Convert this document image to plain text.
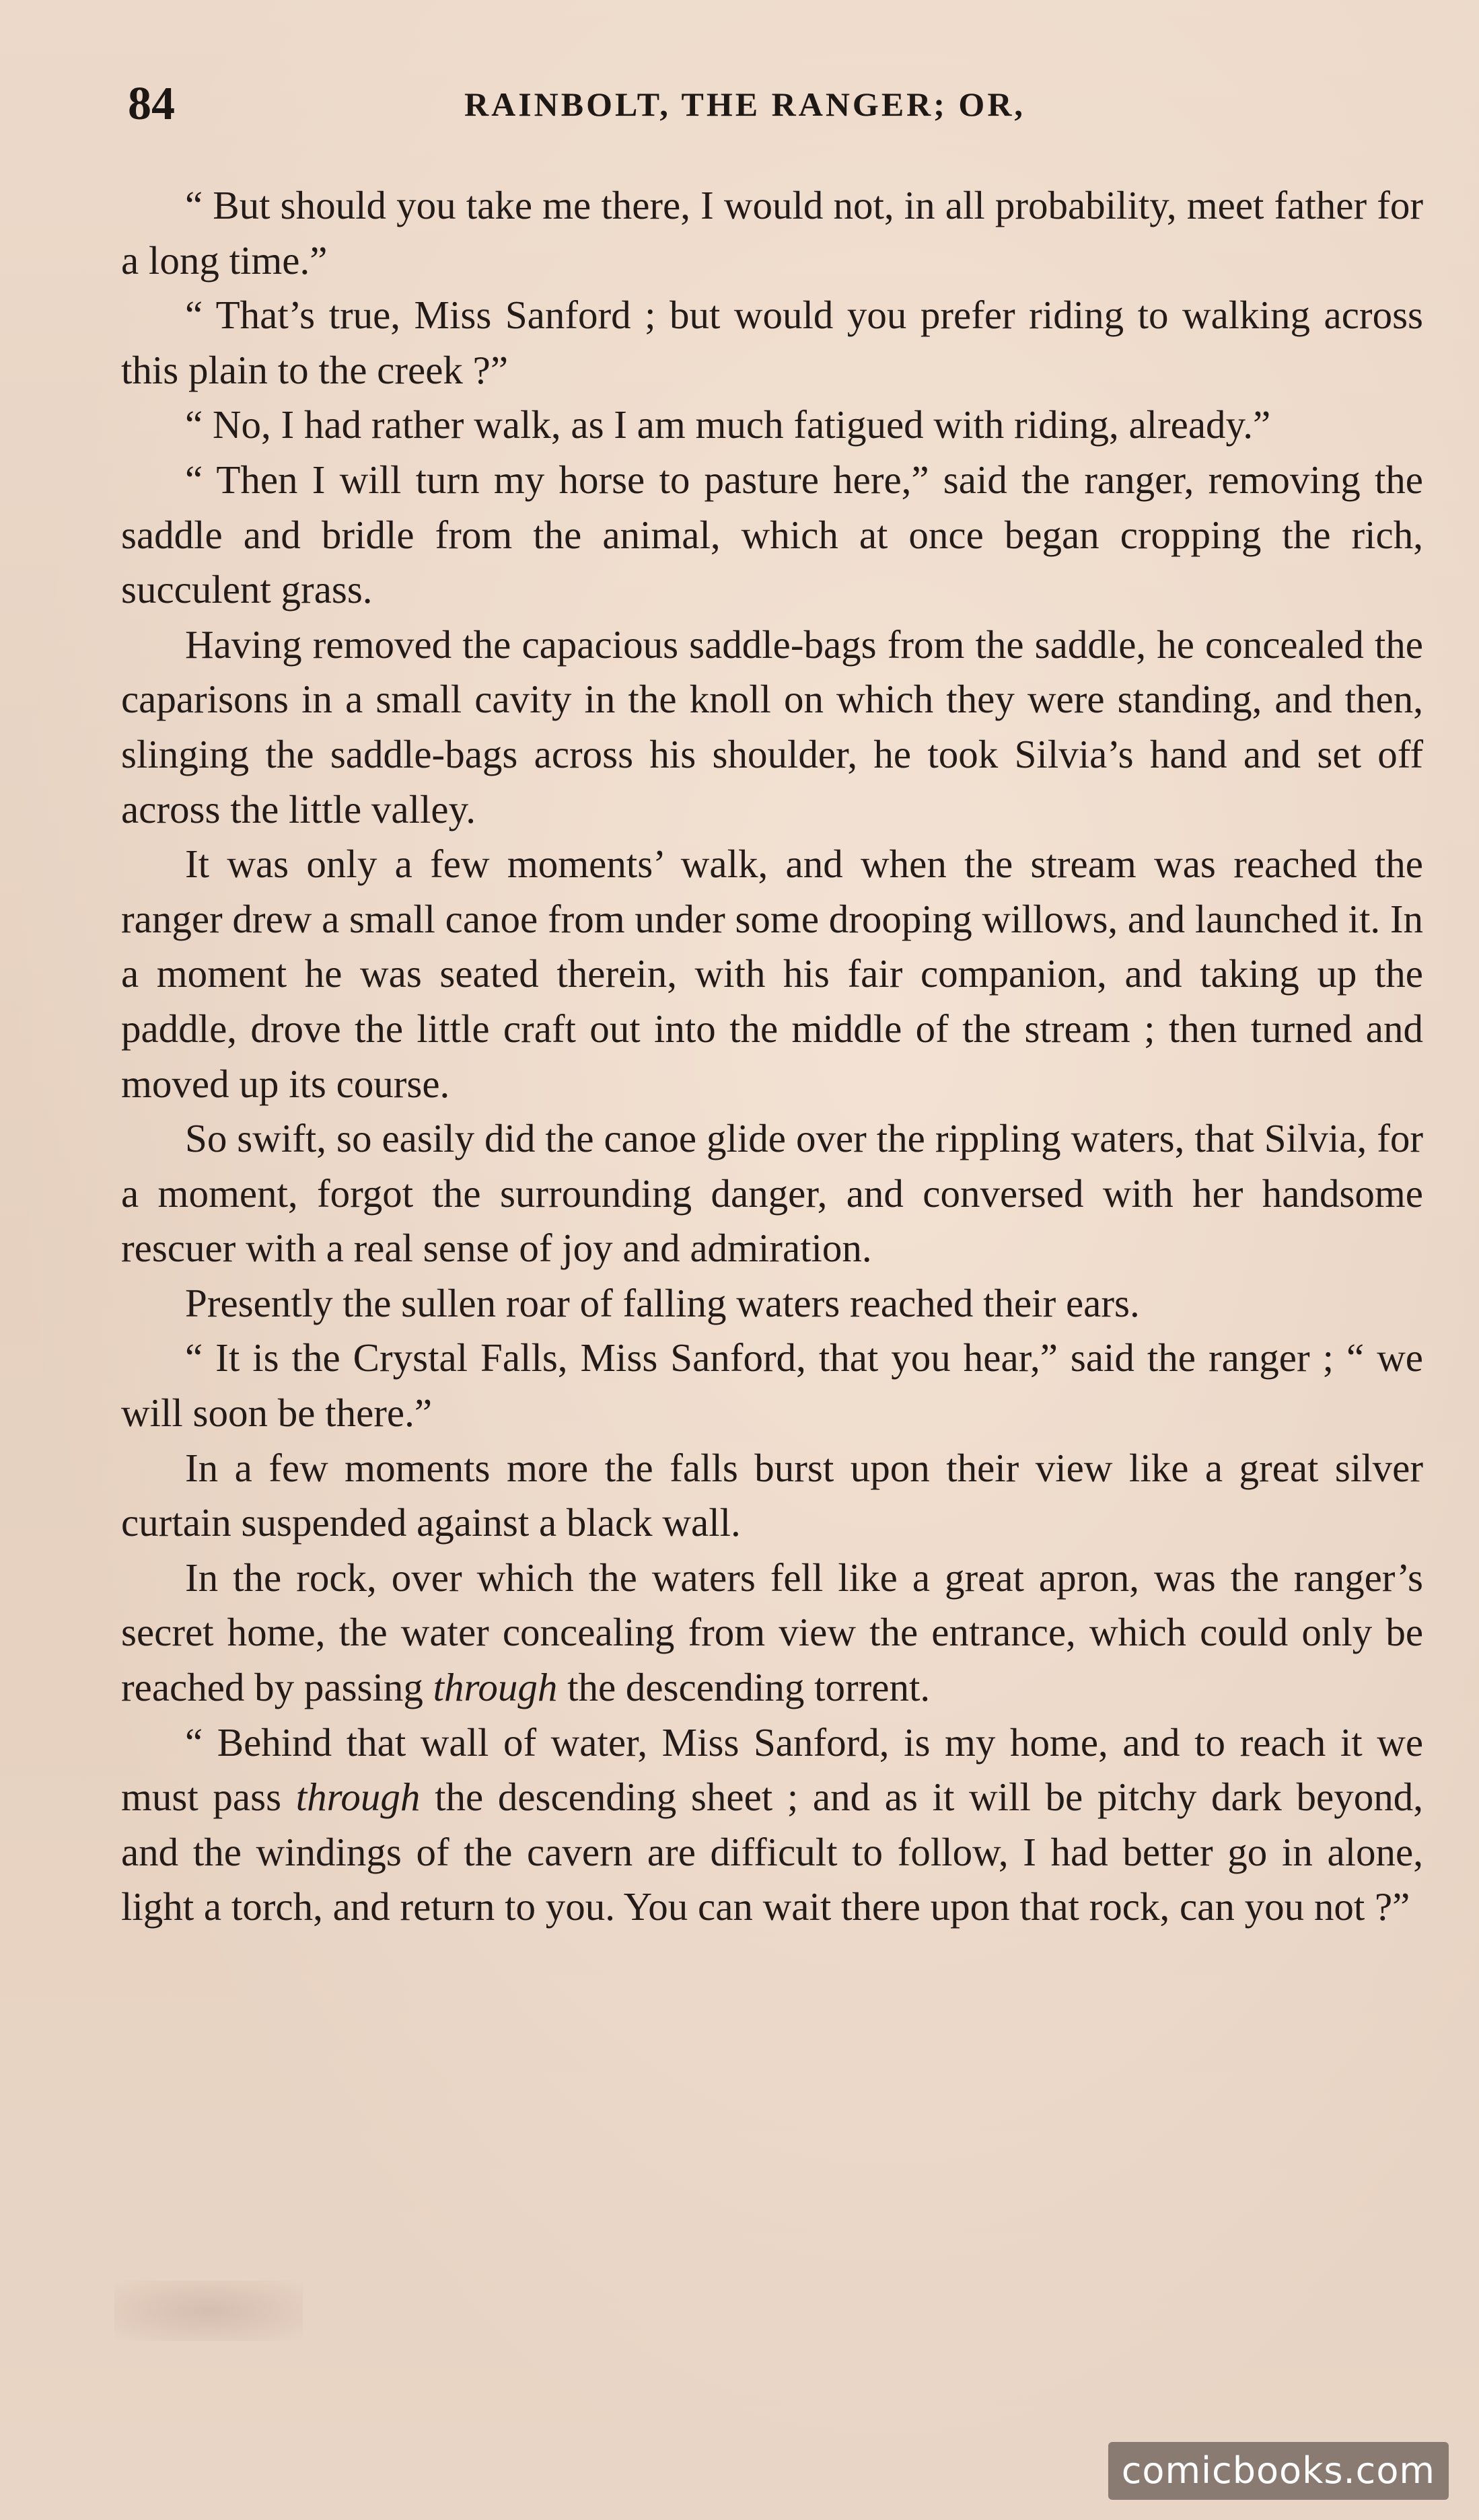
84	RAINBOLT, THE RANGER; OR,

“ But should you take me there, I would not, in all probability, meet father for a long time.”

“ That’s true, Miss Sanford ; but would you prefer riding to walking across this plain to the creek ?”

“ No, I had rather walk, as I am much fatigued with riding, already.”

“ Then I will turn my horse to pasture here,” said the ranger, removing the saddle and bridle from the animal, which at once began cropping the rich, succulent grass.

Having removed the capacious saddle-bags from the saddle, he concealed the caparisons in a small cavity in the knoll on which they were standing, and then, slinging the saddle-bags across his shoulder, he took Silvia’s hand and set off across the little valley.

It was only a few moments’ walk, and when the stream was reached the ranger drew a small canoe from under some drooping willows, and launched it. In a moment he was seated therein, with his fair companion, and taking up the paddle, drove the little craft out into the middle of the stream ; then turned and moved up its course.

So swift, so easily did the canoe glide over the rippling waters, that Silvia, for a moment, forgot the surrounding danger, and conversed with her handsome rescuer with a real sense of joy and admiration.

Presently the sullen roar of falling waters reached their ears.

“ It is the Crystal Falls, Miss Sanford, that you hear,” said the ranger ; “ we will soon be there.”

In a few moments more the falls burst upon their view like a great silver curtain suspended against a black wall.

In the rock, over which the waters fell like a great apron, was the ranger’s secret home, the water concealing from view the entrance, which could only be reached by passing through the descending torrent.

“ Behind that wall of water, Miss Sanford, is my home, and to reach it we must pass through the descending sheet ; and as it will be pitchy dark beyond, and the windings of the cavern are difficult to follow, I had better go in alone, light a torch, and return to you. You can wait there upon that rock, can you not ?”

comicbooks.com
